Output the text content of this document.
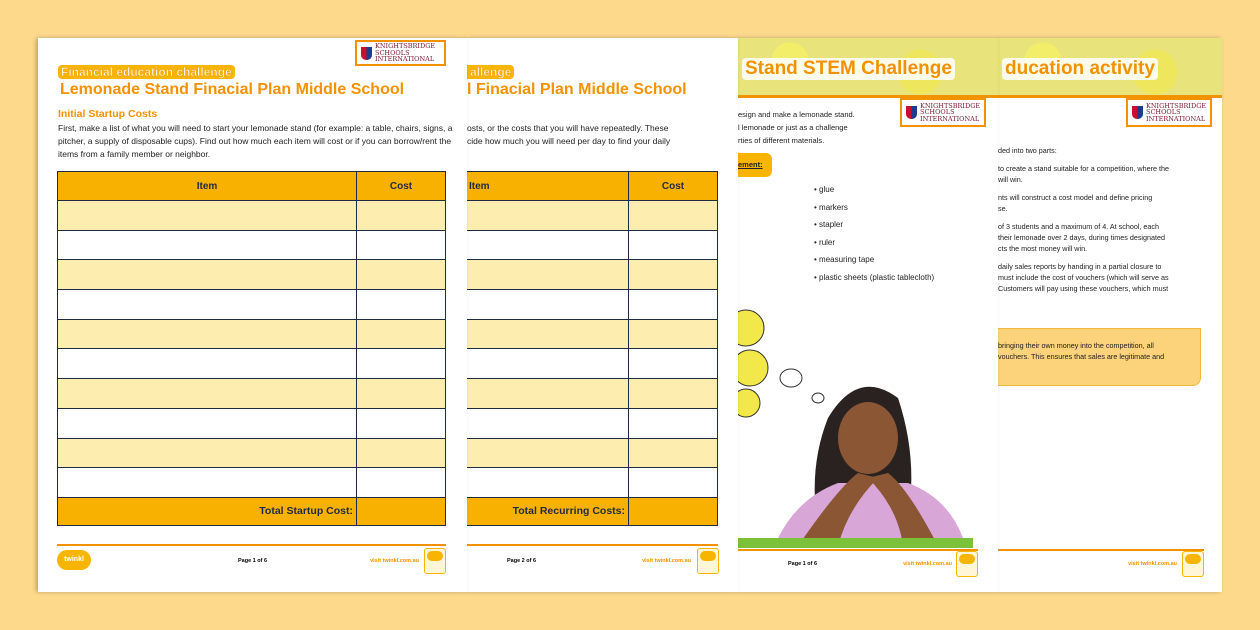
KNIGHTSBRIDGE SCHOOLS INTERNATIONAL
Financial education challenge
Lemonade Stand Finacial Plan Middle School
Initial Startup Costs
First, make a list of what you will need to start your lemonade stand (for example: a table, chairs, signs, a pitcher, a supply of disposable cups). Find out how much each item will cost or if you can borrow/rent the items from a family member or neighbor.
Item	Cost

Total Startup Cost:	
twinkl	Page 1 of 6	visit twinkl.com.au
allenge
l Finacial Plan Middle School
osts, or the costs that you will have repeatedly. These
cide how much you will need per day to find your daily
Item	Cost

Total Recurring Costs:	
Page 2 of 6	visit twinkl.com.au
Stand STEM Challenge
KNIGHTSBRIDGE SCHOOLS INTERNATIONAL
esign and make a lemonade stand.
l lemonade or just as a challenge
rties of different materials.
ement:
• glue
• markers
• stapler
• ruler
• measuring tape
• plastic sheets (plastic tablecloth)
Page 1 of 6	visit twinkl.com.au
ducation activity
KNIGHTSBRIDGE SCHOOLS INTERNATIONAL
ded into two parts:
to create a stand suitable for a competition, where the
will win.
nts will construct a cost model and define pricing
se.
of 3 students and a maximum of 4. At school, each
their lemonade over 2 days, during times designated
cts the most money will win.
daily sales reports by handing in a partial closure to
must include the cost of vouchers (which will serve as
Customers will pay using these vouchers, which must
bringing their own money into the competition, all
vouchers. This ensures that sales are legitimate and
visit twinkl.com.au
